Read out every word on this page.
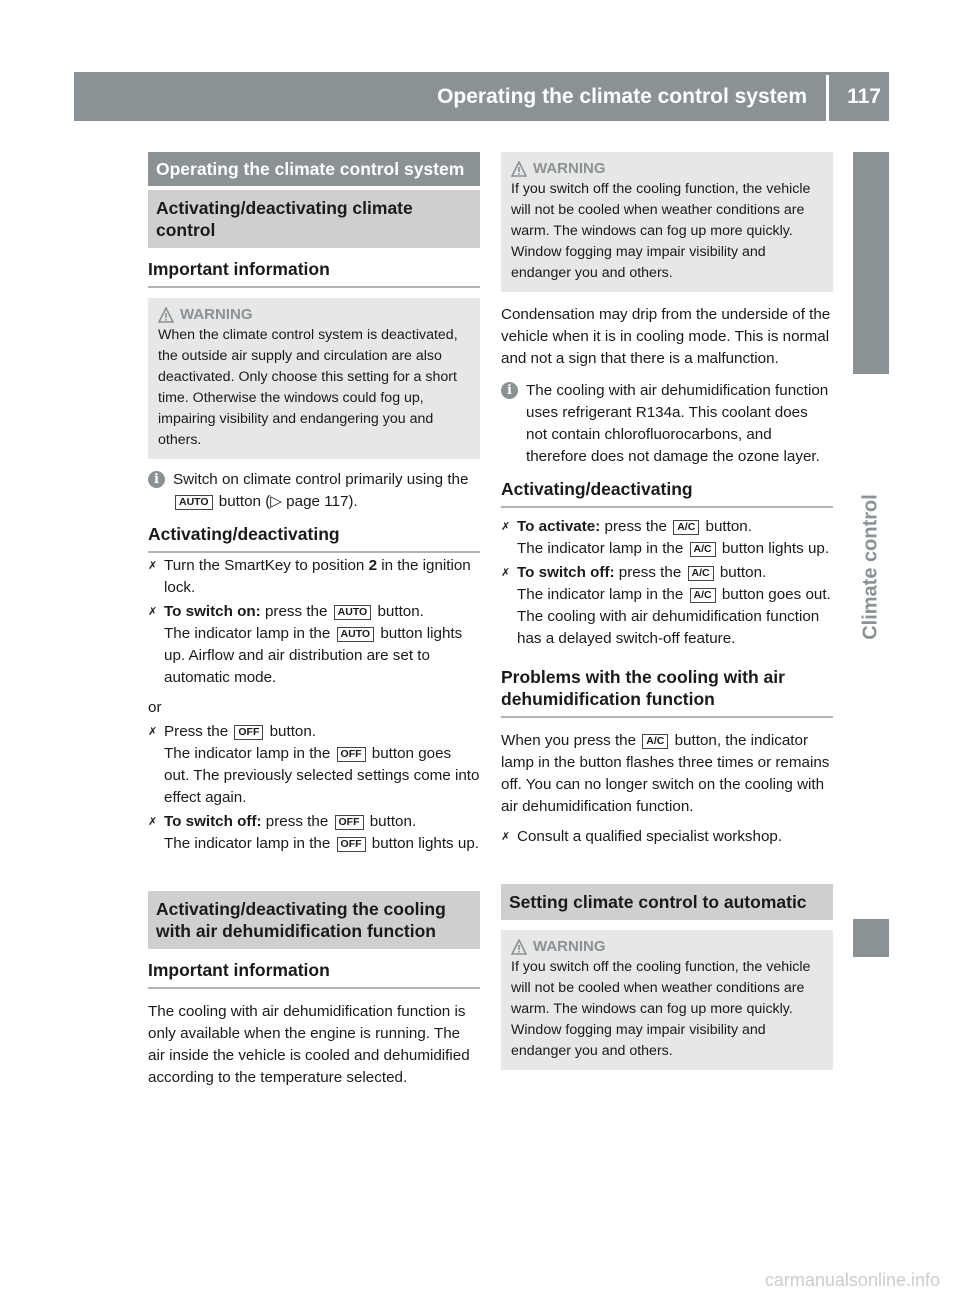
Operating the climate control system 117
Climate control
Operating the climate control system
Activating/deactivating climate control
Important information
WARNING
When the climate control system is deactivated, the outside air supply and circulation are also deactivated. Only choose this setting for a short time. Otherwise the windows could fog up, impairing visibility and endangering you and others.
i Switch on climate control primarily using the AUTO button (▷ page 117).
Activating/deactivating
✗ Turn the SmartKey to position 2 in the ignition lock.
✗ To switch on: press the AUTO button.
The indicator lamp in the AUTO button lights up. Airflow and air distribution are set to automatic mode.

or

✗ Press the OFF button.
The indicator lamp in the OFF button goes out. The previously selected settings come into effect again.
✗ To switch off: press the OFF button.
The indicator lamp in the OFF button lights up.
Activating/deactivating the cooling with air dehumidification function
Important information

The cooling with air dehumidification function is only available when the engine is running. The air inside the vehicle is cooled and dehumidified according to the temperature selected.

WARNING
If you switch off the cooling function, the vehicle will not be cooled when weather conditions are warm. The windows can fog up more quickly. Window fogging may impair visibility and endanger you and others.

Condensation may drip from the underside of the vehicle when it is in cooling mode. This is normal and not a sign that there is a malfunction.

i The cooling with air dehumidification function uses refrigerant R134a. This coolant does not contain chlorofluorocarbons, and therefore does not damage the ozone layer.
Activating/deactivating
✗ To activate: press the A/C button.
The indicator lamp in the A/C button lights up.
✗ To switch off: press the A/C button.
The indicator lamp in the A/C button goes out. The cooling with air dehumidification function has a delayed switch-off feature.
Problems with the cooling with air dehumidification function

When you press the A/C button, the indicator lamp in the button flashes three times or remains off. You can no longer switch on the cooling with air dehumidification function.

✗ Consult a qualified specialist workshop.
Setting climate control to automatic
WARNING
If you switch off the cooling function, the vehicle will not be cooled when weather conditions are warm. The windows can fog up more quickly. Window fogging may impair visibility and endanger you and others.
carmanualsonline.info
